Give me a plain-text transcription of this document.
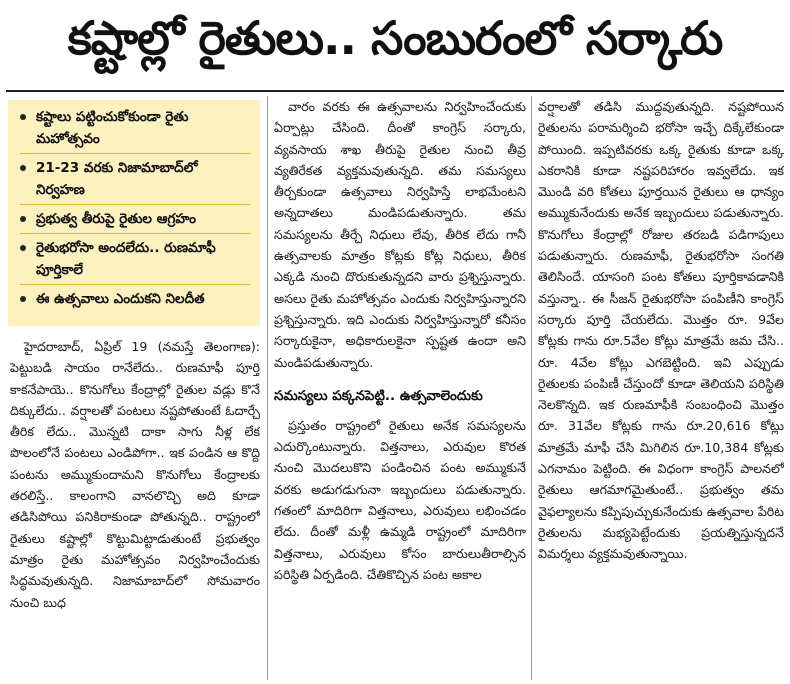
కష్టాల్లో రైతులు.. సంబురంలో సర్కారు
కష్టాలు పట్టించుకోకుండా రైతు మహోత్సవం
21-23 వరకు నిజామాబాద్‌లో నిర్వహణ
ప్రభుత్వ తీరుపై రైతుల ఆగ్రహం
రైతుభరోసా అందలేదు.. రుణమాఫీ పూర్తికాలే
ఈ ఉత్సవాలు ఎందుకని నిలదీత

హైదరాబాద్, ఏప్రిల్ 19 (నమస్తే తెలంగాణ): పెట్టుబడి సాయం రానేలేదు.. రుణమాఫీ పూర్తి కాకనేపాయె.. కొనుగోలు కేంద్రాల్లో రైతుల వడ్లు కొనే దిక్కులేదు.. వర్షాలతో పంటలు నష్టపోతుంటే ఓదార్చే తీరిక లేదు.. మొన్నటి దాకా సాగు నీళ్ల లేక పొలంలోనే పంటలు ఎండిపోగా.. ఇక పండిన ఆ కొద్ది పంటను అమ్ముకుందామని కొనుగోలు కేంద్రాలకు తరలిస్తే.. కాలంగాని వానలొచ్చి అది కూడా తడిసిపోయి పనికిరాకుండా పోతున్నది.. రాష్ట్రంలో రైతులు కష్టాల్లో కొట్టుమిట్టాడుతుంటే ప్రభుత్వం మాత్రం రైతు మహోత్సవం నిర్వహించేందుకు సిద్ధమవుతున్నది. నిజామాబాద్‌లో సోమవారం నుంచి బుధ

వారం వరకు ఈ ఉత్సవాలను నిర్వహించేందుకు ఏర్పాట్లు చేసింది. దీంతో కాంగ్రెస్ సర్కారు, వ్యవసాయ శాఖ తీరుపై రైతుల నుంచి తీవ్ర వ్యతిరేకత వ్యక్తమవుతున్నది. తమ సమస్యలు తీర్చకుండా ఉత్సవాలు నిర్వహిస్తే లాభమేంటని అన్నదాతలు మండిపడుతున్నారు. తమ సమస్యలను తీర్చే నిధులు లేవు, తీరిక లేదు గానీ ఉత్సవాలకు మాత్రం కోట్లకు కోట్ల నిధులు, తీరిక ఎక్కడి నుంచి దొరుకుతున్నదని వారు ప్రశ్నిస్తున్నారు. అసలు రైతు మహోత్సవం ఎందుకు నిర్వహిస్తున్నారని ప్రశ్నిస్తున్నారు. ఇది ఎందుకు నిర్వహిస్తున్నారో కనీసం సర్కారుకైనా, అధికారులకైనా స్పష్టత ఉందా అని మండిపడుతున్నారు.

సమస్యలు పక్కనపెట్టి.. ఉత్సవాలెందుకు

ప్రస్తుతం రాష్ట్రంలో రైతులు అనేక సమస్యలను ఎదుర్కొంటున్నారు. విత్తనాలు, ఎరువుల కొరత నుంచి మొదలుకొని పండించిన పంట అమ్ముకునే వరకు అడుగడుగునా ఇబ్బందులు పడుతున్నారు. గతంలో మాదిరిగా విత్తనాలు, ఎరువులు లభించడం లేదు. దీంతో మళ్లీ ఉమ్మడి రాష్ట్రంలో మాదిరిగా విత్తనాలు, ఎరువులు కోసం బారులుతీరాల్సిన పరిస్థితి ఏర్పడింది. చేతికొచ్చిన పంట అకాల

వర్షాలతో తడిసి ముద్దవుతున్నది. నష్టపోయిన రైతులను పరామర్శించి భరోసా ఇచ్చే దిక్కేలేకుండా పోయింది. ఇప్పటివరకు ఒక్క రైతుకు కూడా ఒక్క ఎకరానికి కూడా నష్టపరిహారం ఇవ్వలేదు. ఇక మొండి వరి కోతలు పూర్తయిన రైతులు ఆ ధాన్యం అమ్ముకునేందుకు అనేక ఇబ్బందులు పడుతున్నారు. కొనుగోలు కేంద్రాల్లో రోజుల తరబడి పడిగాపులు పడుతున్నారు. రుణమాఫీ, రైతుభరోసా సంగతి తెలిసిందే. యాసంగి పంట కోతలు పూర్తికావడానికి వస్తున్నా.. ఈ సీజన్ రైతుభరోసా పంపిణీని కాంగ్రెస్ సర్కారు పూర్తి చేయలేదు. మొత్తం రూ. 9వేల కోట్లకు గాను రూ.5వేల కోట్లు మాత్రమే జమ చేసి.. రూ. 4వేల కోట్లు ఎగబెట్టింది. ఇవి ఎప్పుడు రైతులకు పంపిణీ చేస్తుందో కూడా తెలియని పరిస్థితి నెలకొన్నది. ఇక రుణమాఫీకి సంబంధించి మొత్తం రూ. 31వేల కోట్లకు గాను రూ.20,616 కోట్లు మాత్రమే మాఫీ చేసి మిగిలిన రూ.10,384 కోట్లకు ఎగనామం పెట్టింది. ఈ విధంగా కాంగ్రెస్ పాలనలో రైతులు ఆగమాగమైతుంటే.. ప్రభుత్వం తమ వైఫల్యాలను కప్పిపుచ్చుకునేందుకు ఉత్సవాల పేరిట రైతులను మభ్యపెట్టేందుకు ప్రయత్నిస్తున్నదనే విమర్శలు వ్యక్తమవుతున్నాయి.
